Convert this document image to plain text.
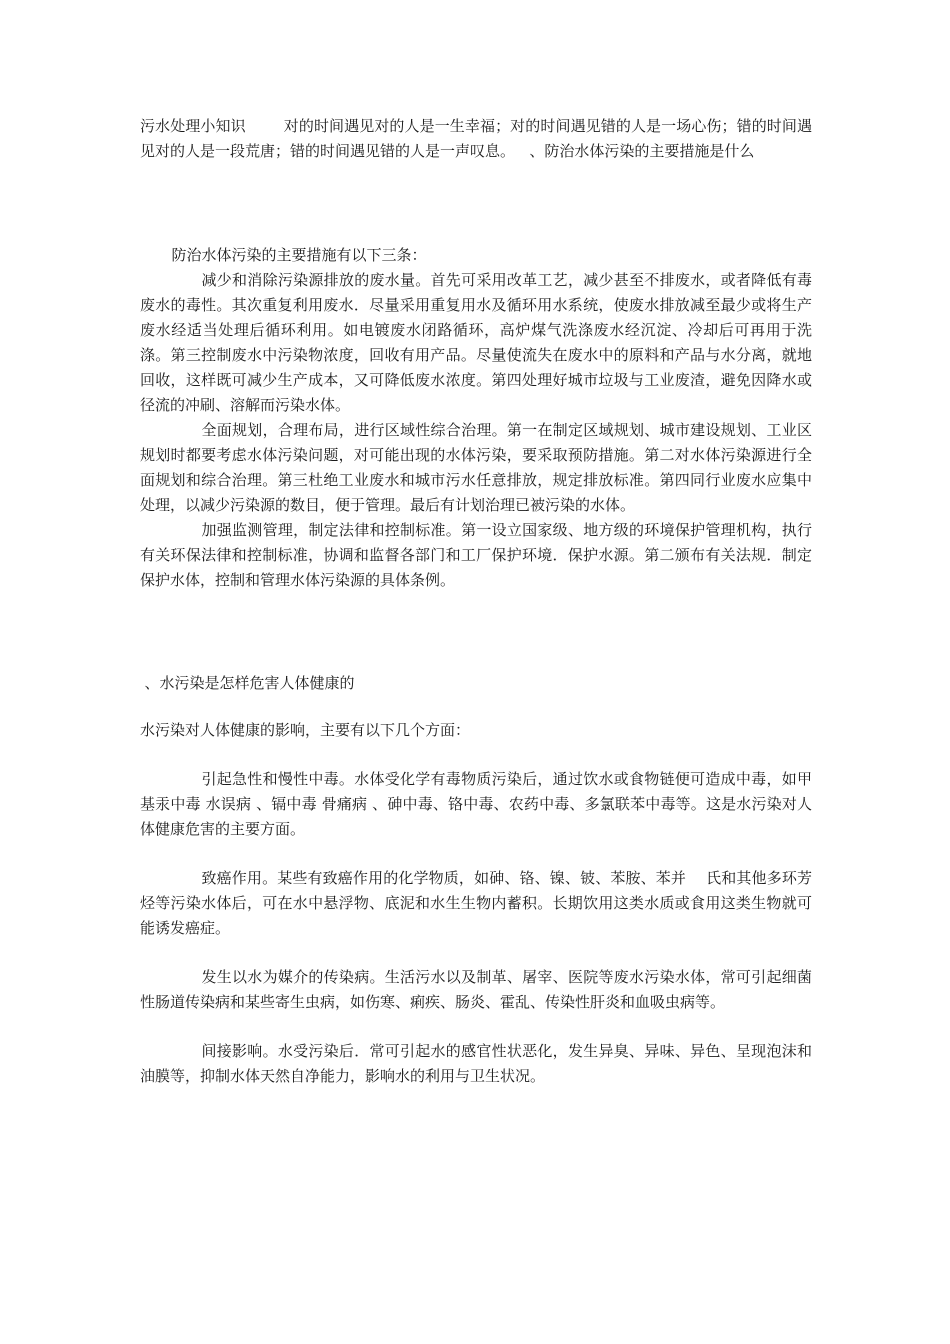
污水处理小知识	对的时间遇见对的人是一生幸福；对的时间遇见错的人是一场心伤；错的时间遇见对的人是一段荒唐；错的时间遇见错的人是一声叹息。 、防治水体污染的主要措施是什么

防治水体污染的主要措施有以下三条：

减少和消除污染源排放的废水量。首先可采用改革工艺，减少甚至不排废水，或者降低有毒废水的毒性。其次重复利用废水．尽量采用重复用水及循环用水系统，使废水排放减至最少或将生产废水经适当处理后循环利用。如电镀废水闭路循环，高炉煤气洗涤废水经沉淀、冷却后可再用于洗涤。第三控制废水中污染物浓度，回收有用产品。尽量使流失在废水中的原料和产品与水分离，就地回收，这样既可减少生产成本，又可降低废水浓度。第四处理好城市垃圾与工业废渣，避免因降水或径流的冲刷、溶解而污染水体。

全面规划，合理布局，进行区域性综合治理。第一在制定区域规划、城市建设规划、工业区规划时都要考虑水体污染问题，对可能出现的水体污染，要采取预防措施。第二对水体污染源进行全面规划和综合治理。第三杜绝工业废水和城市污水任意排放，规定排放标准。第四同行业废水应集中处理，以减少污染源的数目，便于管理。最后有计划治理已被污染的水体。

加强监测管理，制定法律和控制标准。第一设立国家级、地方级的环境保护管理机构，执行有关环保法律和控制标准，协调和监督各部门和工厂保护环境．保护水源。第二颁布有关法规．制定保护水体，控制和管理水体污染源的具体条例。

、水污染是怎样危害人体健康的

水污染对人体健康的影响，主要有以下几个方面：

引起急性和慢性中毒。水体受化学有毒物质污染后，通过饮水或食物链便可造成中毒，如甲基汞中毒 水误病 、镉中毒 骨痛病 、砷中毒、铬中毒、农药中毒、多氯联苯中毒等。这是水污染对人体健康危害的主要方面。

致癌作用。某些有致癌作用的化学物质，如砷、铬、镍、铍、苯胺、苯并　 氏和其他多环芳烃等污染水体后，可在水中悬浮物、底泥和水生生物内蓄积。长期饮用这类水质或食用这类生物就可能诱发癌症。

发生以水为媒介的传染病。生活污水以及制革、屠宰、医院等废水污染水体，常可引起细菌性肠道传染病和某些寄生虫病，如伤寒、痢疾、肠炎、霍乱、传染性肝炎和血吸虫病等。

间接影响。水受污染后．常可引起水的感官性状恶化，发生异臭、异味、异色、呈现泡沫和油膜等，抑制水体天然自净能力，影响水的利用与卫生状况。
